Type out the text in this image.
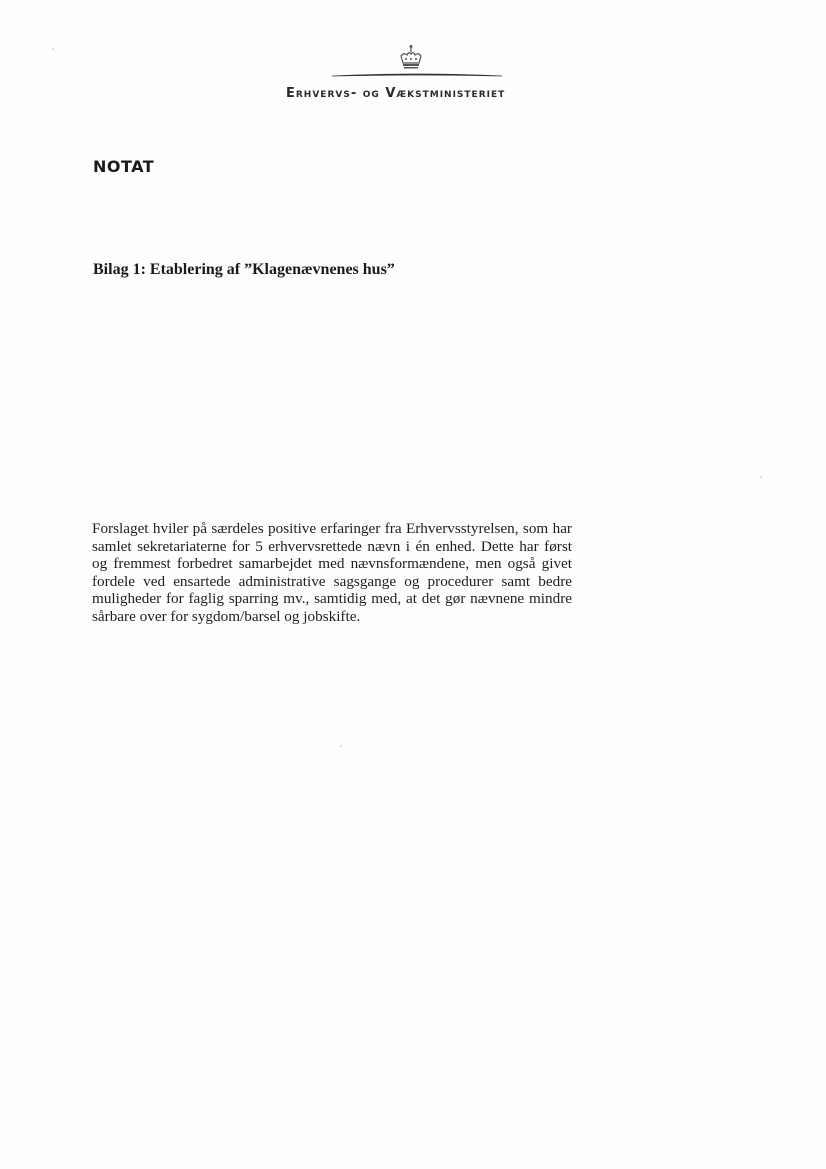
Erhvervs- og Vækstministeriet
NOTAT
Bilag 1: Etablering af ”Klagenævnenes hus”
Forslaget hviler på særdeles positive erfaringer fra Erhvervsstyrelsen, som har samlet sekretariaterne for 5 erhvervsrettede nævn i én enhed. Dette har først og fremmest forbedret samarbejdet med nævnsformændene, men også givet fordele ved ensartede administrative sagsgange og procedurer samt bedre muligheder for faglig sparring mv., samtidig med, at det gør nævnene mindre sårbare over for sygdom/barsel og jobskifte.
